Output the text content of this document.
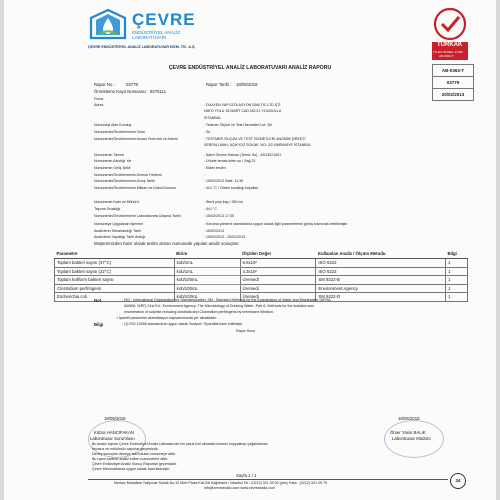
ÇEVRE
ENDÜSTRİYEL ANALİZ
LABORATUVARI
ÇEVRE ENDÜSTRİYEL ANALİZ LABORATUVAR HİZM. TİC. A.Ş.	TÜRKAK
TS EN ISO/IEC 17025
AB-0363-T
AB-0363-T
03779
20/02/2013
ÇEVRE ENDÜSTRİYEL ANALİZ LABORATUVARI ANALİZ RAPORU
Rapor No :	03779	Rapor Tarihi : 18/05/2018
Örnekleme Kayıt Numarası : 9275111
Firma
Adres	: DUAYEN YAPI İZOLASYON SAN.TİC.LTD.ŞTİ.
NATO YOLU 18 MART CAD.NO:21 Y.DUDULLU
İSTANBUL
Numuneyi Alan Kuruluş	: Testmer Ölçüm ve Test Hizmetleri Ltd. Şti.
Numunenin/Örneklemenin Cinsi	: Su
Numunenin/Örneklemenin Alınan Yerin Adı ve Adresi	: TESTMER ÖLÇÜM VE TEST HİZMETLERİ ANONİM ŞİRKETİ
SERFALI MAH. AÇIKYÜZ SOKAK. NO: 2/2 ÜMRANİYE İSTANBUL
Numunenin Tanımı	: İşlem Öncesi Hamsu (Temiz Su) - AS13021501
Numunenin Alındığı Yer	: Ürünle temas eden su / Sağ 21
Numunenin Geliş Şekli	: Elden teslim
Numunenin/Örneklemenin Alınma Yöntemi	:
Numunenin/Örneklemenin Alınış Tarihi	: 15/02/2013 Saat: 11:35
Numunenin/Örneklemenin Miktarı ve Kabul Durumu	: 4±1 °C / Ortam sıcaklığı koşulları
Numunenin Kabı ve Mühürü	: Steril poly kap / 250 mL
Taşıma Sıcaklığı	: 4±1 °C
Numunenin/Örneklemenin Laboratuvara Ulaşma Tarihi	: 15/02/2013 17:30
Numuneye Uygulanan İşlemler	: Koruma yöntemi standardına uygun olarak ilgili parametrenin görüş kısmında belirtilmiştir
Analizlerin Tekrarlandığı Tarih	: 15/02/2013
Analizlerin Yapıldığı Tarih Aralığı	: 15/02/2013 - 20/02/2013
Müşterimizden hazır olarak teslim alınan numunede yapılan analiz sonuçları:
Parametre	Birim	Ölçülen Değer	Kullanılan Analiz / Ölçüm Metodu	Bilgi
Toplam bakteri sayısı (37°C)	kob/1mL	6.6x10²	ISO 6222	1
Toplam bakteri sayısı (22°C)	kob/1mL	4.3x10²	ISO 6222	1
Toplam koliform bakteri sayısı	kob/100mL	Üremedi	SM 9222-B	1
Clostridium perfringens	kob/100mL	Üremedi	Environment Agency	1
Escherichia coli	kob/100mL	Üremedi	SM 9222-D	1
Not	: ISO : International Organization for Standardization; SM : Standard Methods for the Examination of Water and Wastewater (APHA,
AWWA, WEF) 21st Ed.; Environment Agency: The Microbiology of Drinking Water -Part 6- Methods for the isolation and
enumeration of sulphite-reducing clostridia and Clostridium perfringens by membrane filtration.
✓İşaretli parametre akreditasyon kapsamımızda yer almaktadır.
Bilgi	: (1) ISO 19458 standardına uygun olarak Sodyum Tiyosülfat ilave edilmiştir.
Rapor Sonu
18/05/2018
Kübra HANCIFAKAN
Laboratuvar Sorumlusu
18/05/2018
Ömer Yasin BALIK
Laboratuvar Müdürü
Bu analiz raporu Çevre Endüstriyel Analiz Laboratuvarı'nın yazılı izni olmadan kısmen kopyalanıp çoğaltılamaz.
İmzasız ve mühürsüz raporlar geçersizdir.
Deney sonuçları deneye tabi tutulan numuneye aittir.
Bu rapor sadece analiz edilen numunelere aittir.
Çevre Endüstriyel Analiz Sonuç Raporları geçersizdir.
Çevre Mevzuatlarına uygun olarak hazırlanmıştır.
Sayfa 1 / 1
Merkez Mahallesi Tatlıpınar Sokak No:10 Mert Plaza Kat:2/8 Kağıthane / İstanbul Tel : (0212) 321 09 00 (pbx) Faks : (0212) 321 09 75
info@cevreanaliz.com www.cevreanaliz.com
34
